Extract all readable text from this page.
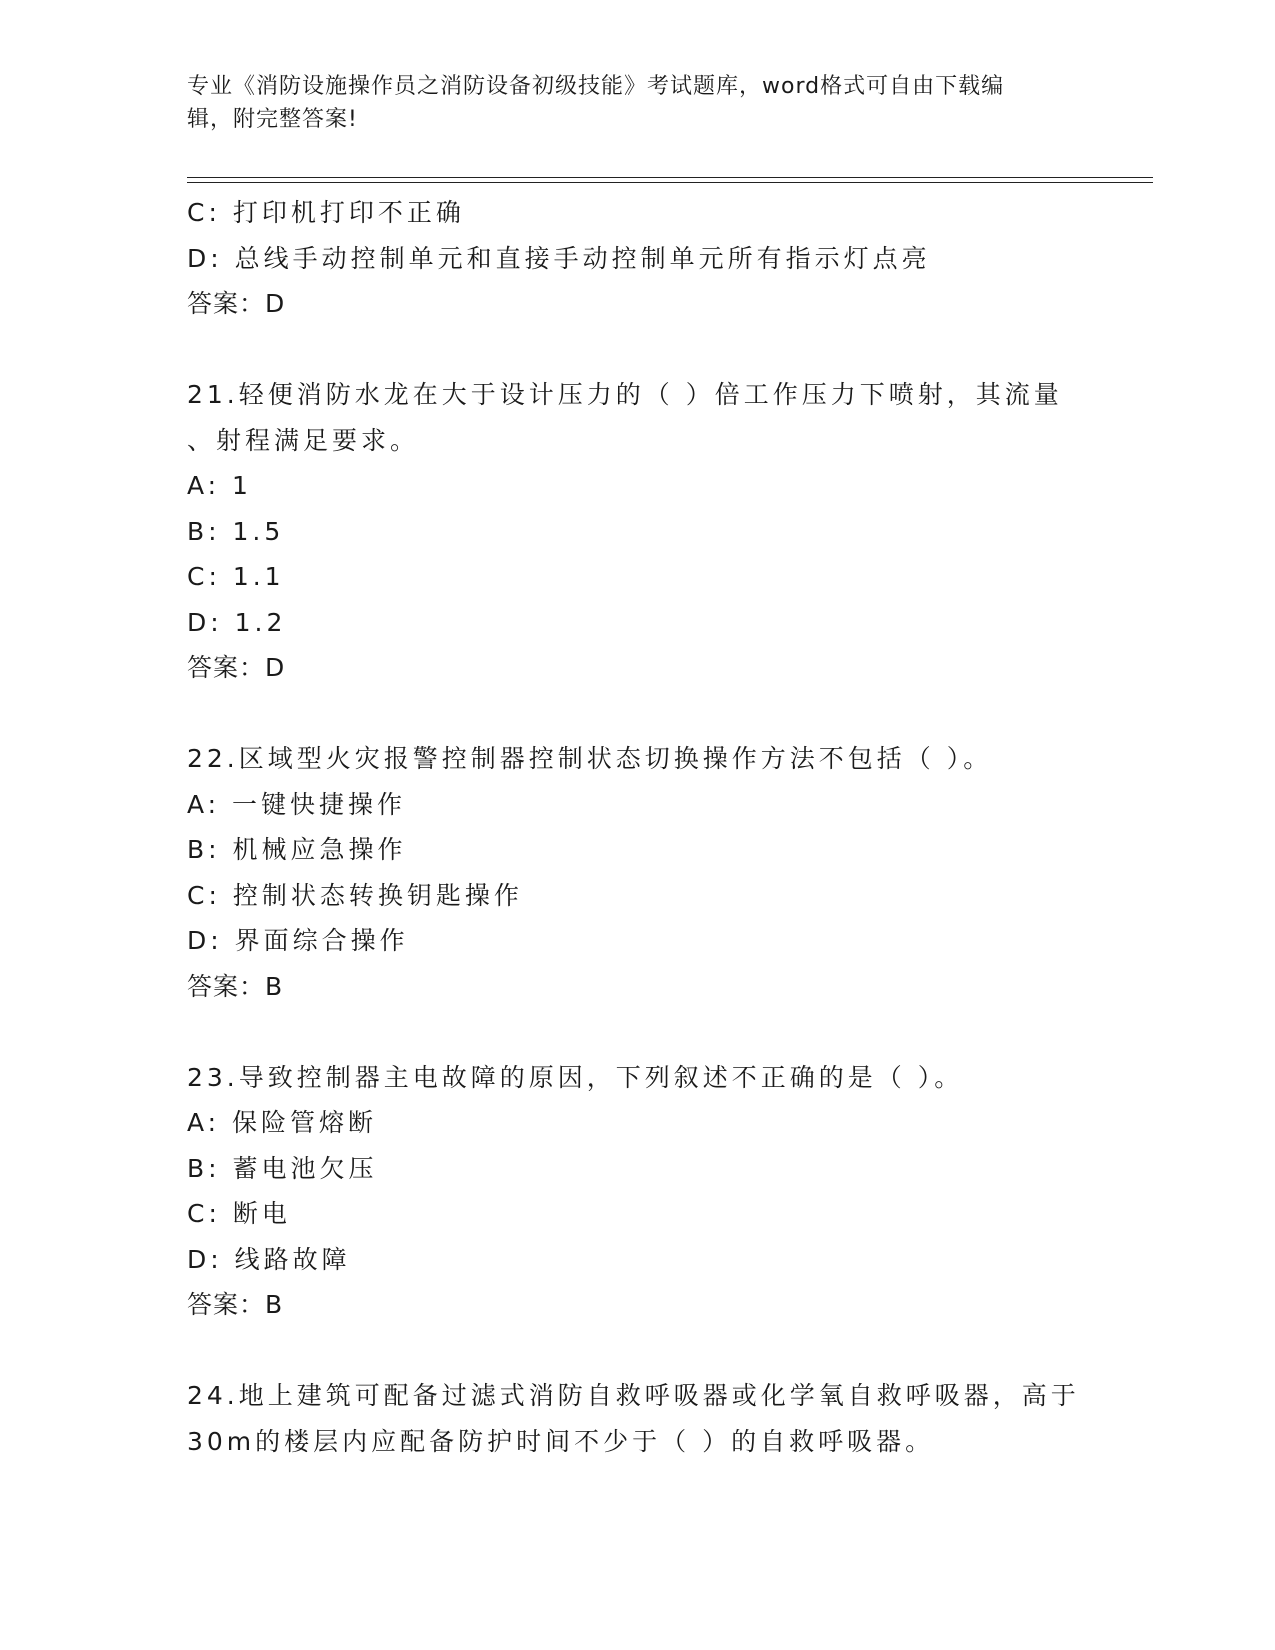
专业《消防设施操作员之消防设备初级技能》考试题库，word格式可自由下载编
辑，附完整答案!
C: 打印机打印不正确
D: 总线手动控制单元和直接手动控制单元所有指示灯点亮
答案：D
21.轻便消防水龙在大于设计压力的（ ）倍工作压力下喷射，其流量
、射程满足要求。
A: 1
B: 1.5
C: 1.1
D: 1.2
答案：D
22.区域型火灾报警控制器控制状态切换操作方法不包括（ ）。
A: 一键快捷操作
B: 机械应急操作
C: 控制状态转换钥匙操作
D: 界面综合操作
答案：B
23.导致控制器主电故障的原因，下列叙述不正确的是（ ）。
A: 保险管熔断
B: 蓄电池欠压
C: 断电
D: 线路故障
答案：B
24.地上建筑可配备过滤式消防自救呼吸器或化学氧自救呼吸器，高于
30m的楼层内应配备防护时间不少于（ ）的自救呼吸器。
